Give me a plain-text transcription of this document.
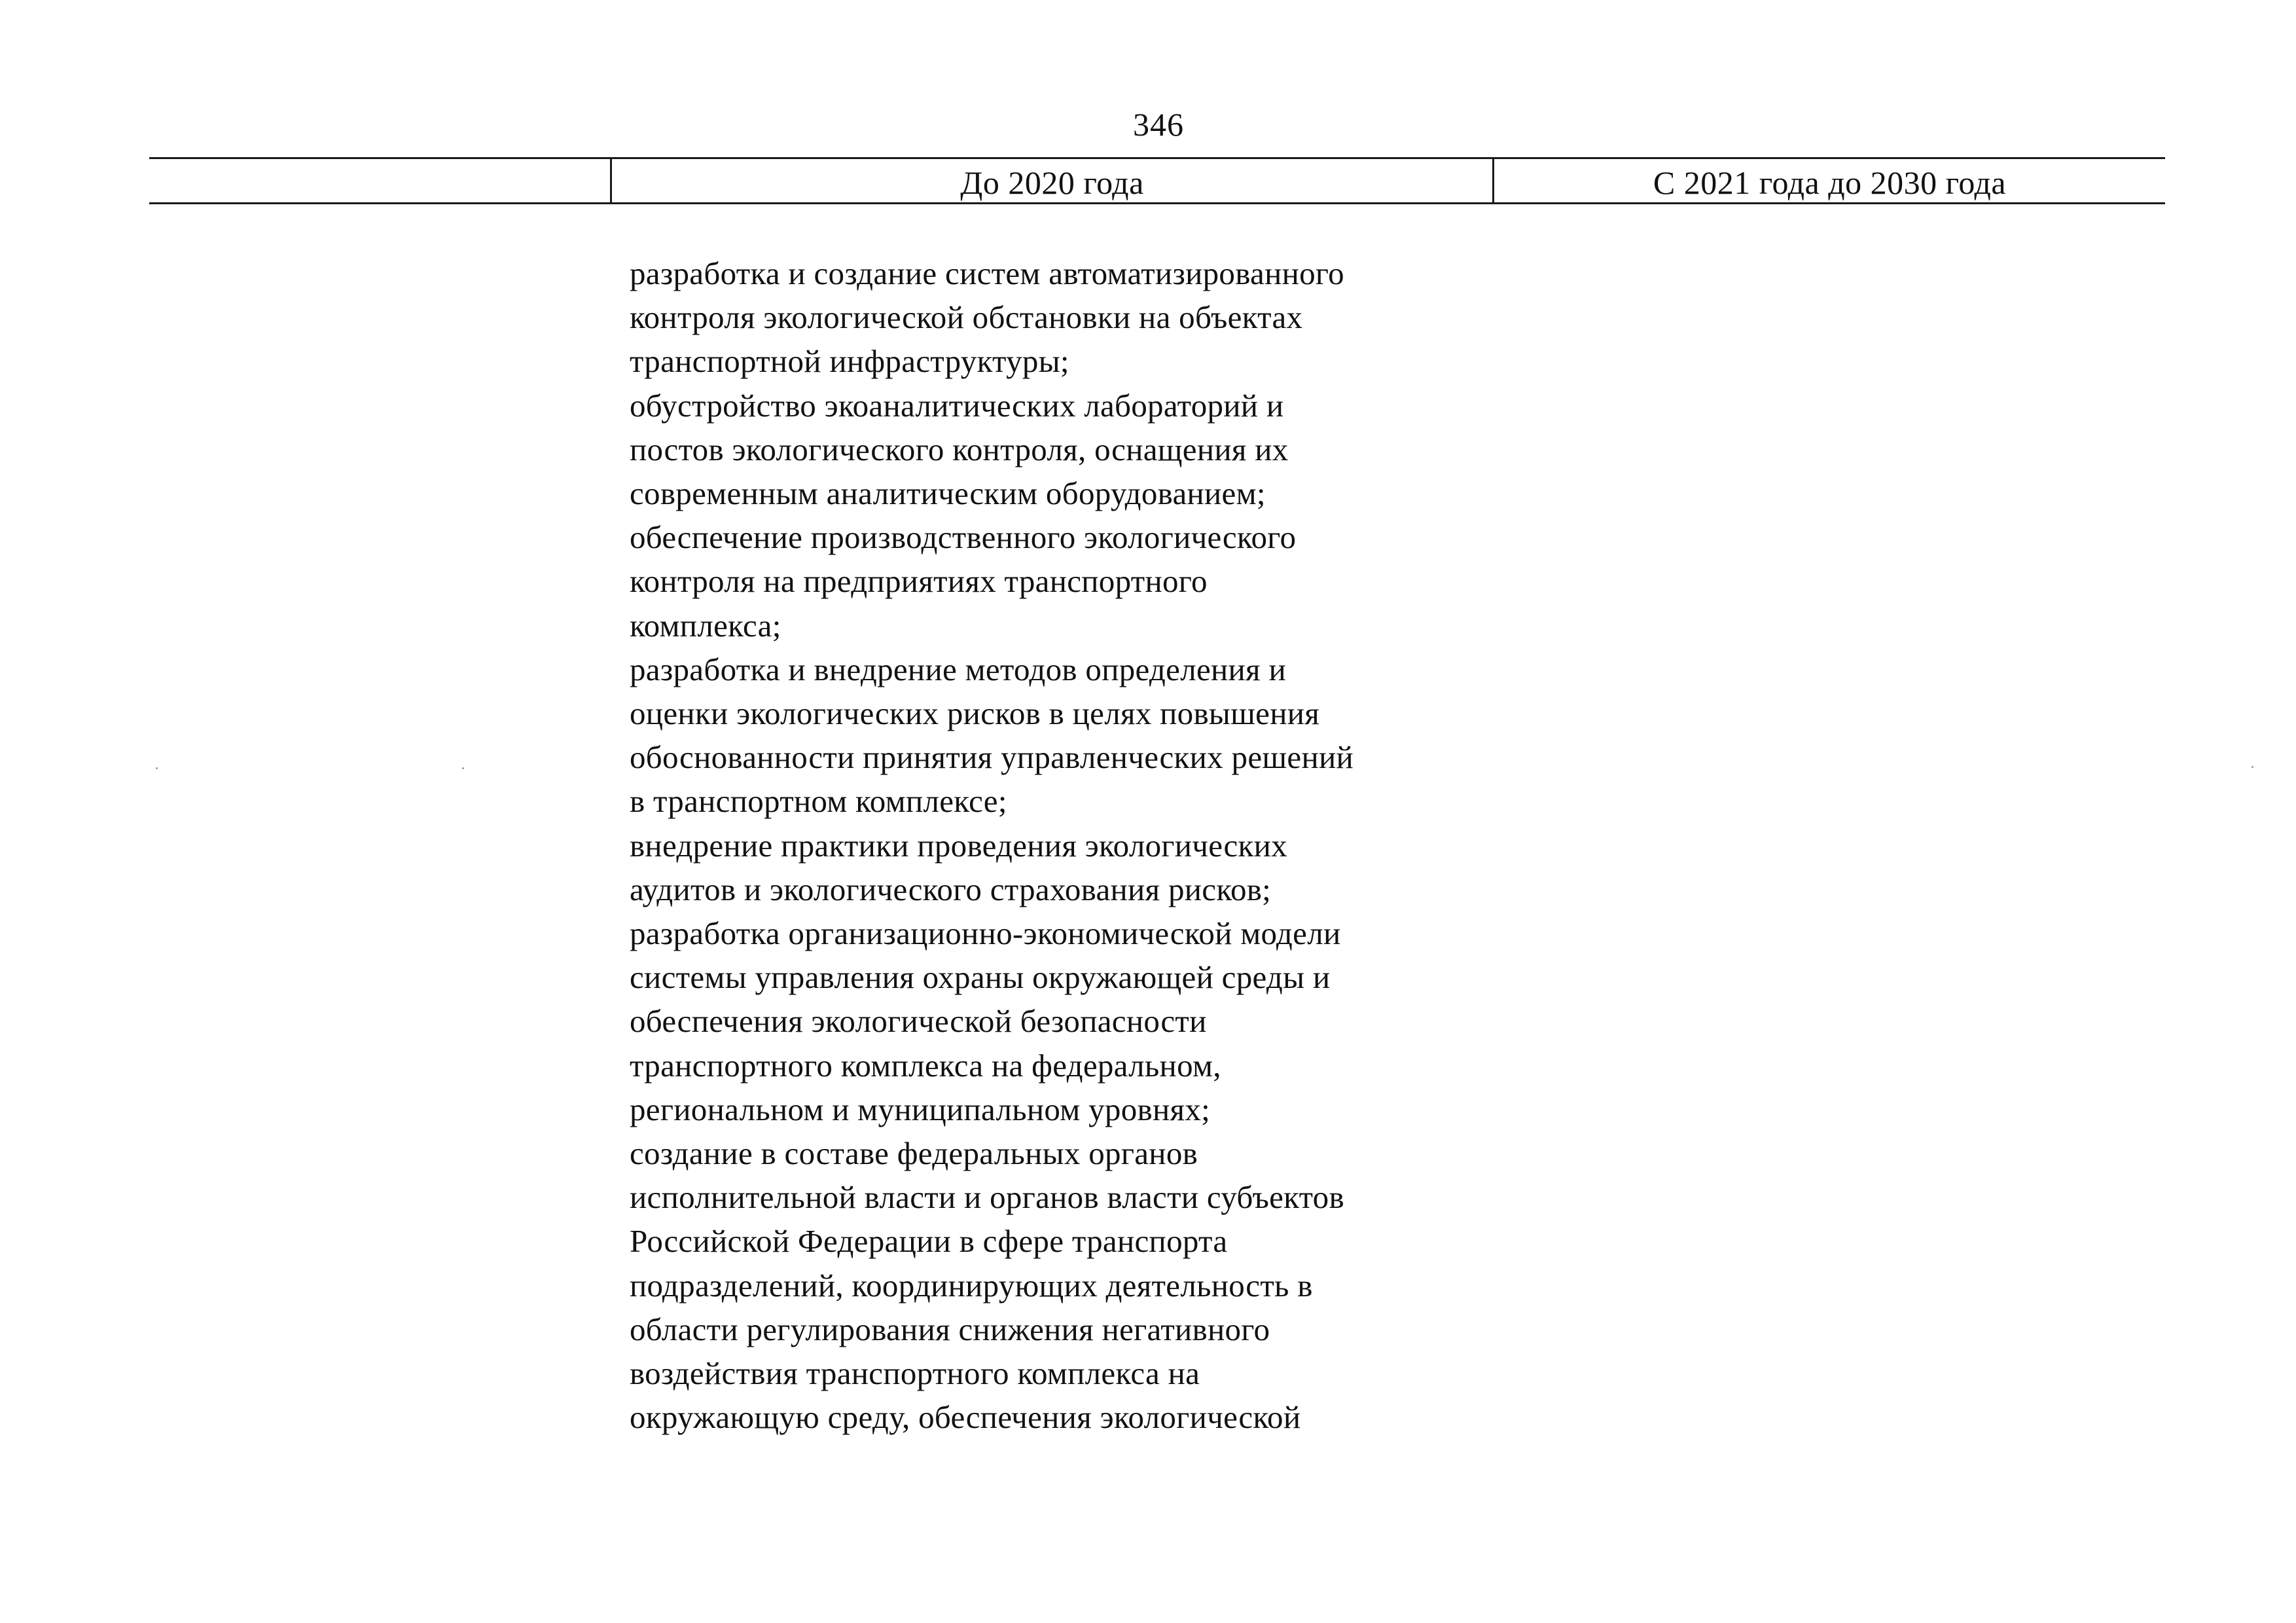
346
До 2020 года	С 2021 года до 2030 года
разработка и создание систем автоматизированного
контроля экологической обстановки на объектах
транспортной инфраструктуры;
обустройство экоаналитических лабораторий и
постов экологического контроля, оснащения их
современным аналитическим оборудованием;
обеспечение производственного экологического
контроля на предприятиях транспортного
комплекса;
разработка и внедрение методов определения и
оценки экологических рисков в целях повышения
обоснованности принятия управленческих решений
в транспортном комплексе;
внедрение практики проведения экологических
аудитов и экологического страхования рисков;
разработка организационно-экономической модели
системы управления охраны окружающей среды и
обеспечения экологической безопасности
транспортного комплекса на федеральном,
региональном и муниципальном уровнях;
создание в составе федеральных органов
исполнительной власти и органов власти субъектов
Российской Федерации в сфере транспорта
подразделений, координирующих деятельность в
области регулирования снижения негативного
воздействия транспортного комплекса на
окружающую среду, обеспечения экологической
